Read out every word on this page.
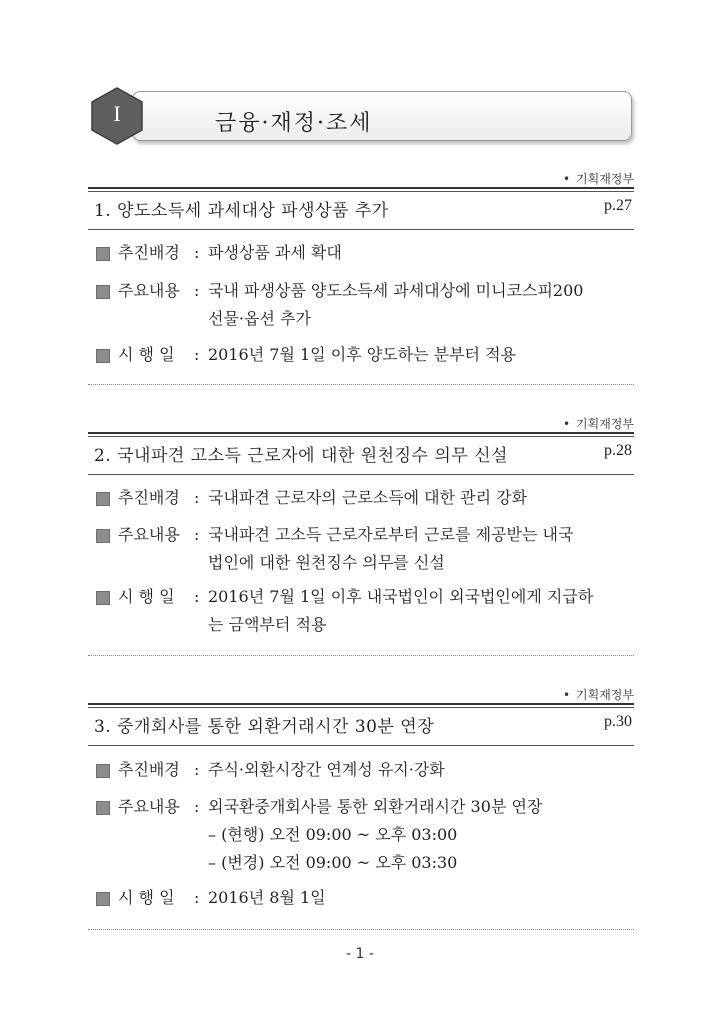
금융·재정·조세
I
• 기획재정부
1. 양도소득세 과세대상 파생상품 추가	p.27
추진배경 : 파생상품 과세 확대
주요내용 : 국내 파생상품 양도소득세 과세대상에 미니코스피200
선물·옵션 추가
시 행 일 : 2016년 7월 1일 이후 양도하는 분부터 적용
• 기획재정부
2. 국내파견 고소득 근로자에 대한 원천징수 의무 신설	p.28
추진배경 : 국내파견 근로자의 근로소득에 대한 관리 강화
주요내용 : 국내파견 고소득 근로자로부터 근로를 제공받는 내국
법인에 대한 원천징수 의무를 신설
시 행 일 : 2016년 7월 1일 이후 내국법인이 외국법인에게 지급하
는 금액부터 적용
• 기획재정부
3. 중개회사를 통한 외환거래시간 30분 연장	p.30
추진배경 : 주식·외환시장간 연계성 유지·강화
주요내용 : 외국환중개회사를 통한 외환거래시간 30분 연장
– (현행) 오전 09:00 ~ 오후 03:00
– (변경) 오전 09:00 ~ 오후 03:30
시 행 일 : 2016년 8월 1일
- 1 -
